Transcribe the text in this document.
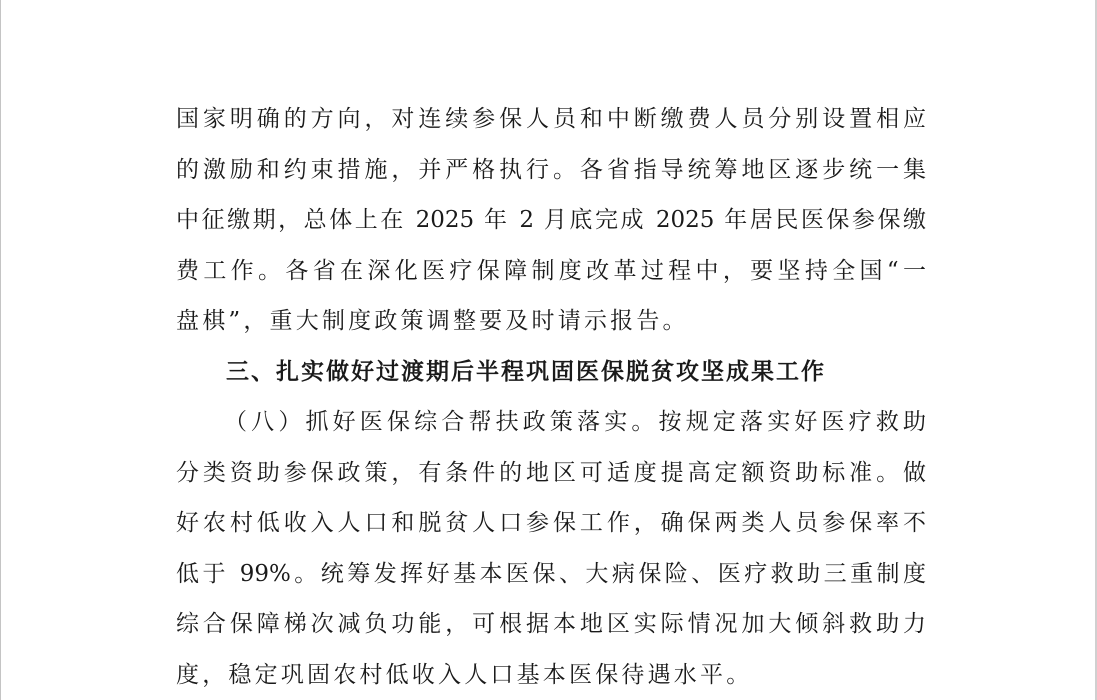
国家明确的方向，对连续参保人员和中断缴费人员分别设置相应
的激励和约束措施，并严格执行。各省指导统筹地区逐步统一集
中征缴期，总体上在 2025 年 2 月底完成 2025 年居民医保参保缴
费工作。各省在深化医疗保障制度改革过程中，要坚持全国“一
盘棋”，重大制度政策调整要及时请示报告。
三、扎实做好过渡期后半程巩固医保脱贫攻坚成果工作
（八）抓好医保综合帮扶政策落实。按规定落实好医疗救助
分类资助参保政策，有条件的地区可适度提高定额资助标准。做
好农村低收入人口和脱贫人口参保工作，确保两类人员参保率不
低于 99%。统筹发挥好基本医保、大病保险、医疗救助三重制度
综合保障梯次减负功能，可根据本地区实际情况加大倾斜救助力
度，稳定巩固农村低收入人口基本医保待遇水平。
